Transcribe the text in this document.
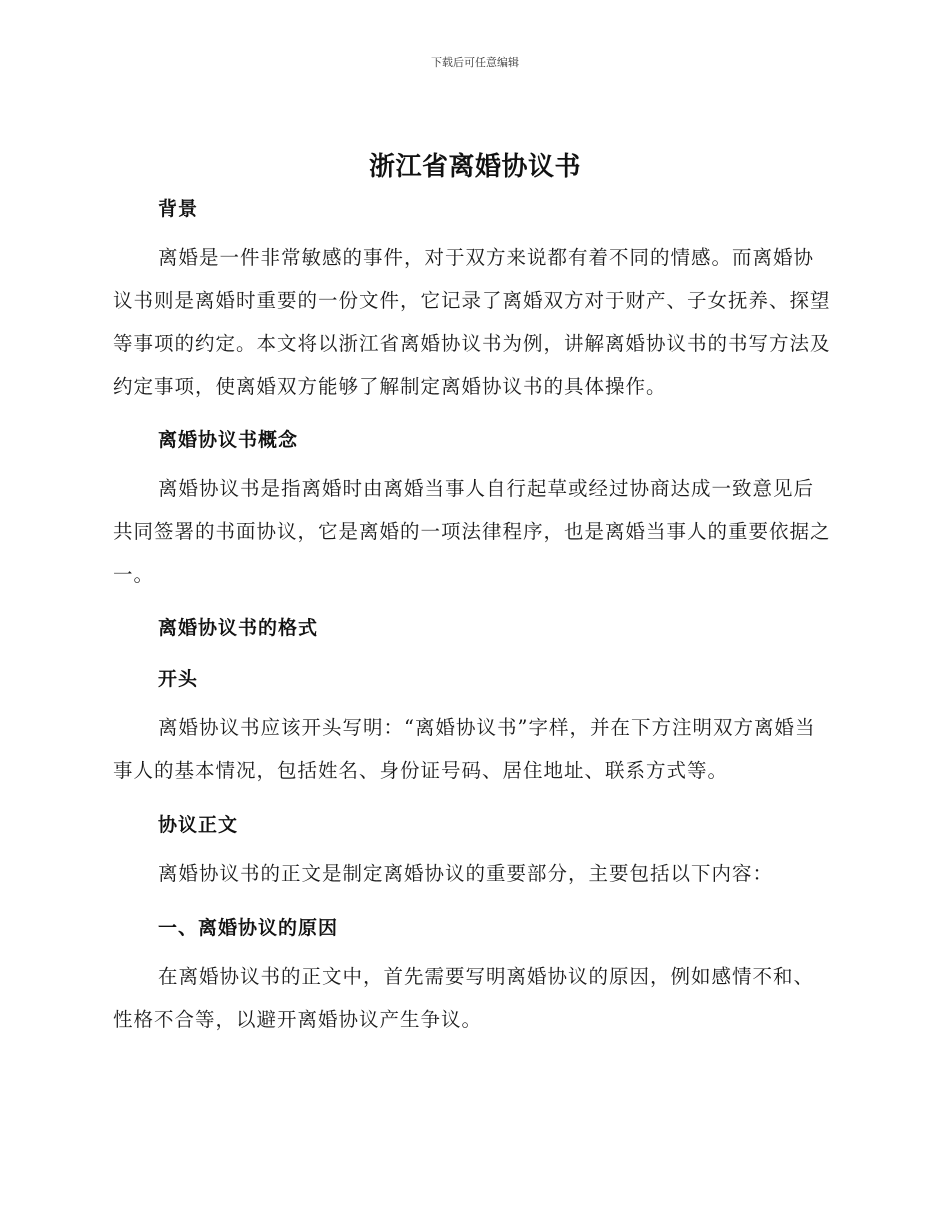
下载后可任意编辑
浙江省离婚协议书
背景
离婚是一件非常敏感的事件，对于双方来说都有着不同的情感。而离婚协议书则是离婚时重要的一份文件，它记录了离婚双方对于财产、子女抚养、探望等事项的约定。本文将以浙江省离婚协议书为例，讲解离婚协议书的书写方法及约定事项，使离婚双方能够了解制定离婚协议书的具体操作。
离婚协议书概念
离婚协议书是指离婚时由离婚当事人自行起草或经过协商达成一致意见后共同签署的书面协议，它是离婚的一项法律程序，也是离婚当事人的重要依据之一。
离婚协议书的格式
开头
离婚协议书应该开头写明：“离婚协议书”字样，并在下方注明双方离婚当事人的基本情况，包括姓名、身份证号码、居住地址、联系方式等。
协议正文
离婚协议书的正文是制定离婚协议的重要部分，主要包括以下内容：
一、离婚协议的原因
在离婚协议书的正文中，首先需要写明离婚协议的原因，例如感情不和、性格不合等，以避开离婚协议产生争议。
